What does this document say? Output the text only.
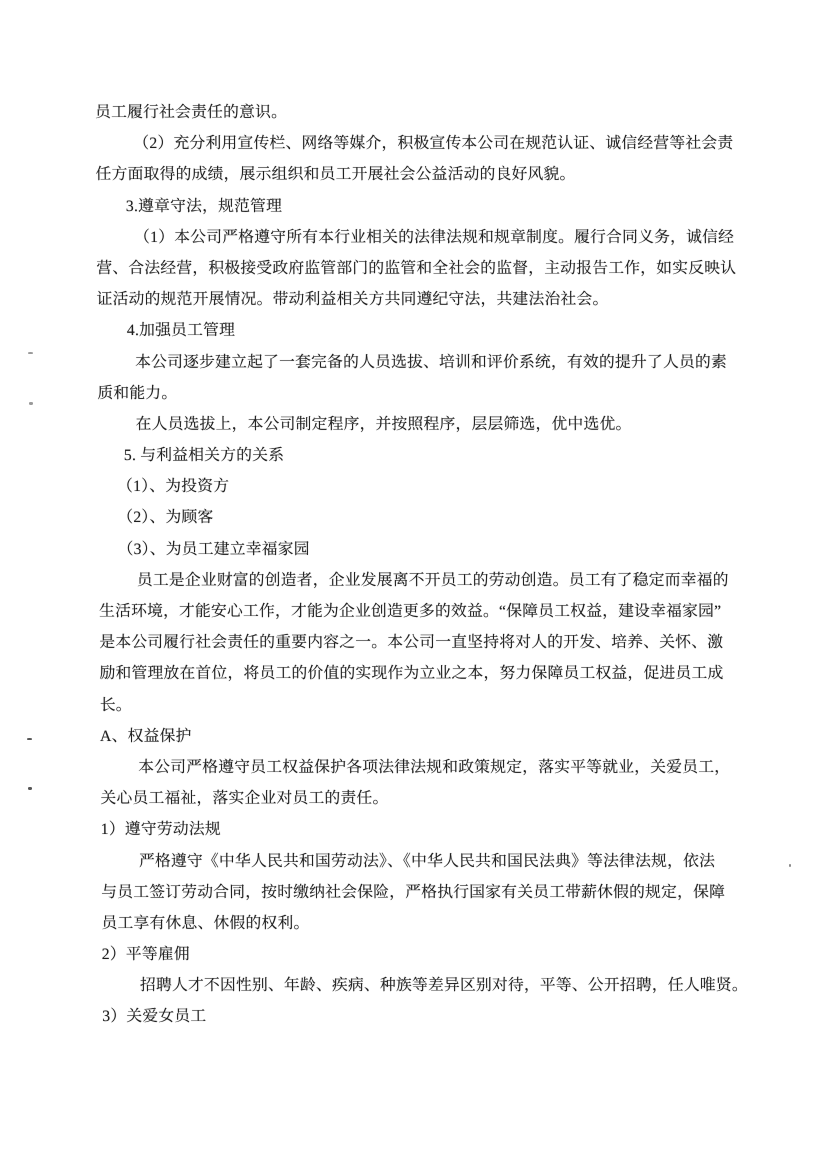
员工履行社会责任的意识。
（2）充分利用宣传栏、网络等媒介，积极宣传本公司在规范认证、诚信经营等社会责
任方面取得的成绩，展示组织和员工开展社会公益活动的良好风貌。
3.遵章守法，规范管理
（1）本公司严格遵守所有本行业相关的法律法规和规章制度。履行合同义务，诚信经
营、合法经营，积极接受政府监管部门的监管和全社会的监督，主动报告工作，如实反映认
证活动的规范开展情况。带动利益相关方共同遵纪守法，共建法治社会。
4.加强员工管理
本公司逐步建立起了一套完备的人员选拔、培训和评价系统，有效的提升了人员的素
质和能力。
在人员选拔上，本公司制定程序，并按照程序，层层筛选，优中选优。
5. 与利益相关方的关系
（1）、为投资方
（2）、为顾客
（3）、为员工建立幸福家园
员工是企业财富的创造者，企业发展离不开员工的劳动创造。员工有了稳定而幸福的
生活环境，才能安心工作，才能为企业创造更多的效益。“保障员工权益，建设幸福家园”
是本公司履行社会责任的重要内容之一。本公司一直坚持将对人的开发、培养、关怀、激
励和管理放在首位，将员工的价值的实现作为立业之本，努力保障员工权益，促进员工成
长。
A、权益保护
本公司严格遵守员工权益保护各项法律法规和政策规定，落实平等就业，关爱员工，
关心员工福祉，落实企业对员工的责任。
1）遵守劳动法规
严格遵守《中华人民共和国劳动法》、《中华人民共和国民法典》等法律法规，依法
与员工签订劳动合同，按时缴纳社会保险，严格执行国家有关员工带薪休假的规定，保障
员工享有休息、休假的权利。
2）平等雇佣
招聘人才不因性别、年龄、疾病、种族等差异区别对待，平等、公开招聘，任人唯贤。
3）关爱女员工
